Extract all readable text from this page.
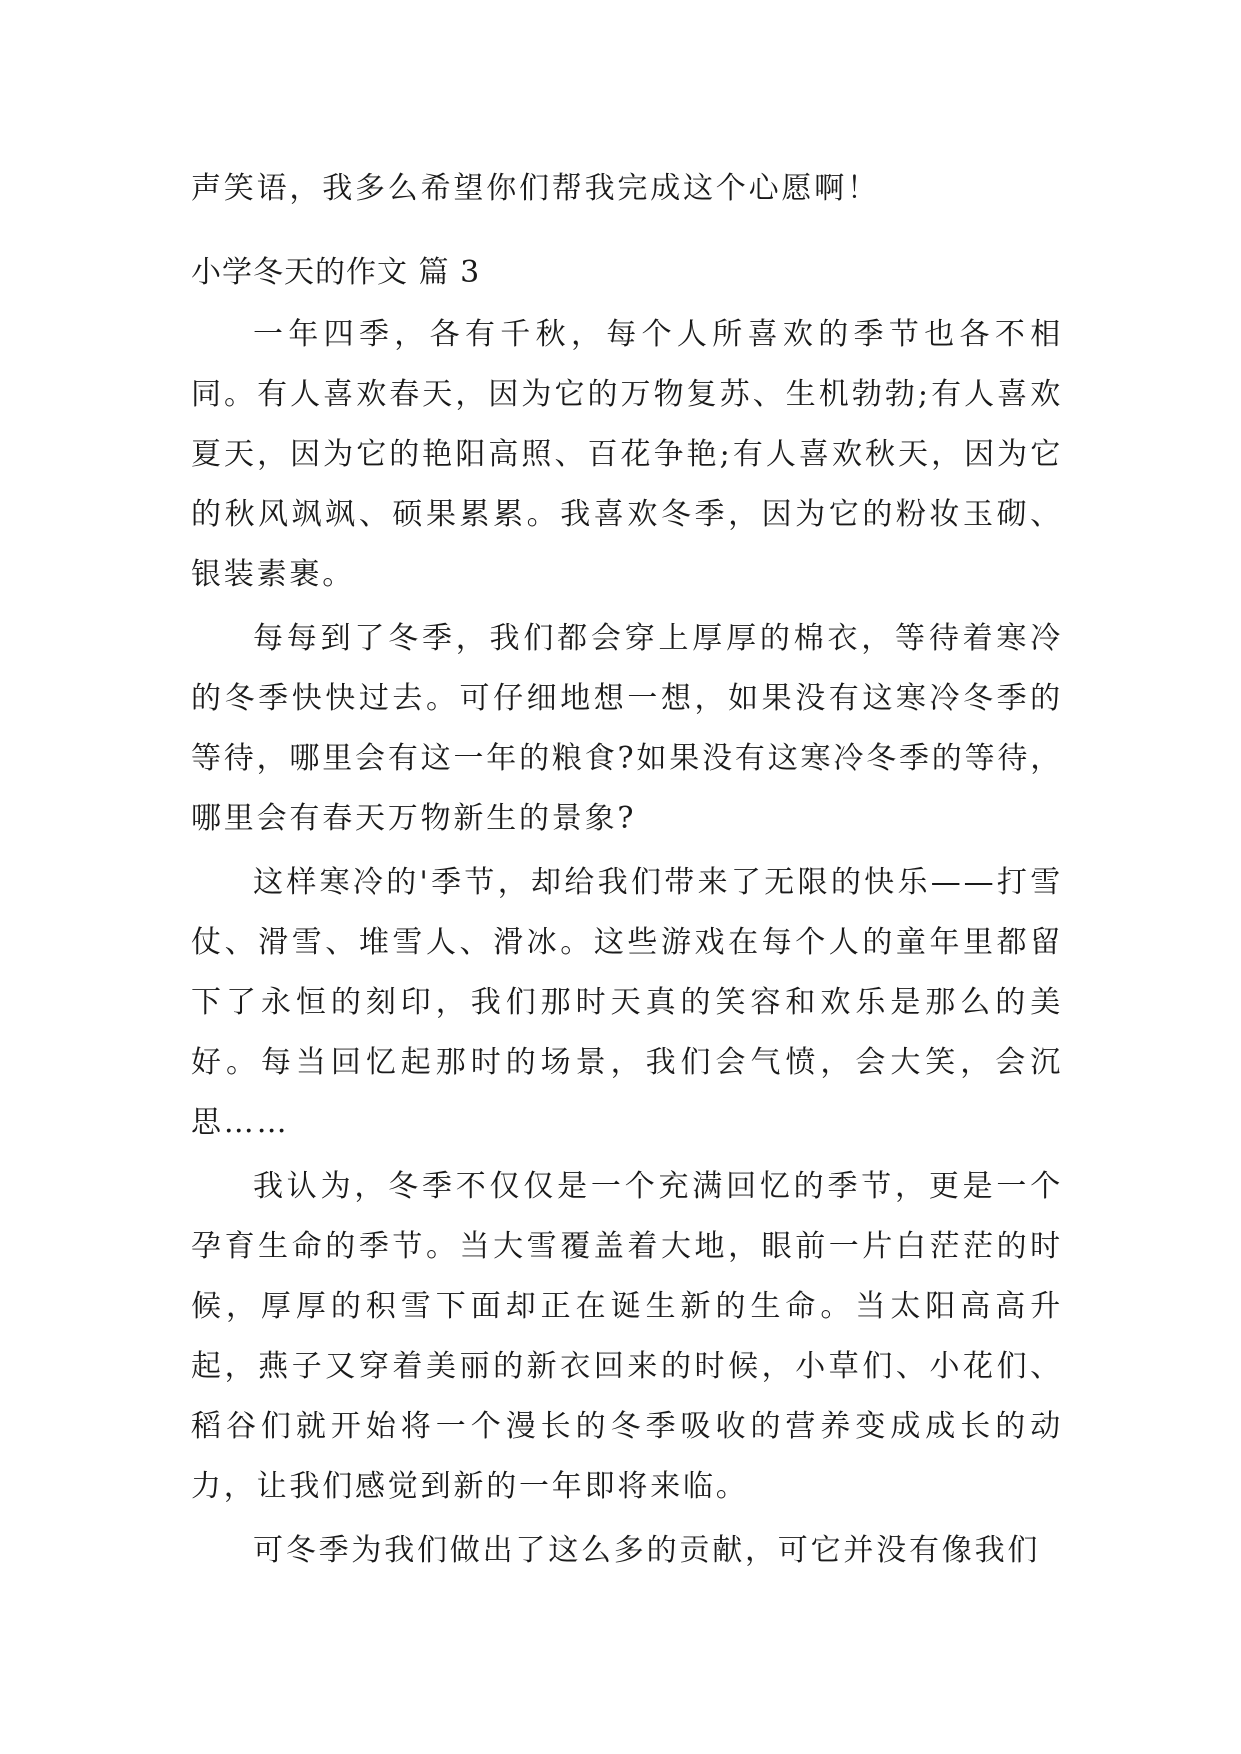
声笑语，我多么希望你们帮我完成这个心愿啊！
小学冬天的作文 篇 3

一年四季，各有千秋，每个人所喜欢的季节也各不相同。有人喜欢春天，因为它的万物复苏、生机勃勃;有人喜欢夏天，因为它的艳阳高照、百花争艳;有人喜欢秋天，因为它的秋风飒飒、硕果累累。我喜欢冬季，因为它的粉妆玉砌、银装素裹。

每每到了冬季，我们都会穿上厚厚的棉衣，等待着寒冷的冬季快快过去。可仔细地想一想，如果没有这寒冷冬季的等待，哪里会有这一年的粮食?如果没有这寒冷冬季的等待，哪里会有春天万物新生的景象?

这样寒冷的'季节，却给我们带来了无限的快乐——打雪仗、滑雪、堆雪人、滑冰。这些游戏在每个人的童年里都留下了永恒的刻印，我们那时天真的笑容和欢乐是那么的美好。每当回忆起那时的场景，我们会气愤，会大笑，会沉思……

我认为，冬季不仅仅是一个充满回忆的季节，更是一个孕育生命的季节。当大雪覆盖着大地，眼前一片白茫茫的时候，厚厚的积雪下面却正在诞生新的生命。当太阳高高升起，燕子又穿着美丽的新衣回来的时候，小草们、小花们、稻谷们就开始将一个漫长的冬季吸收的营养变成成长的动力，让我们感觉到新的一年即将来临。

可冬季为我们做出了这么多的贡献，可它并没有像我们
